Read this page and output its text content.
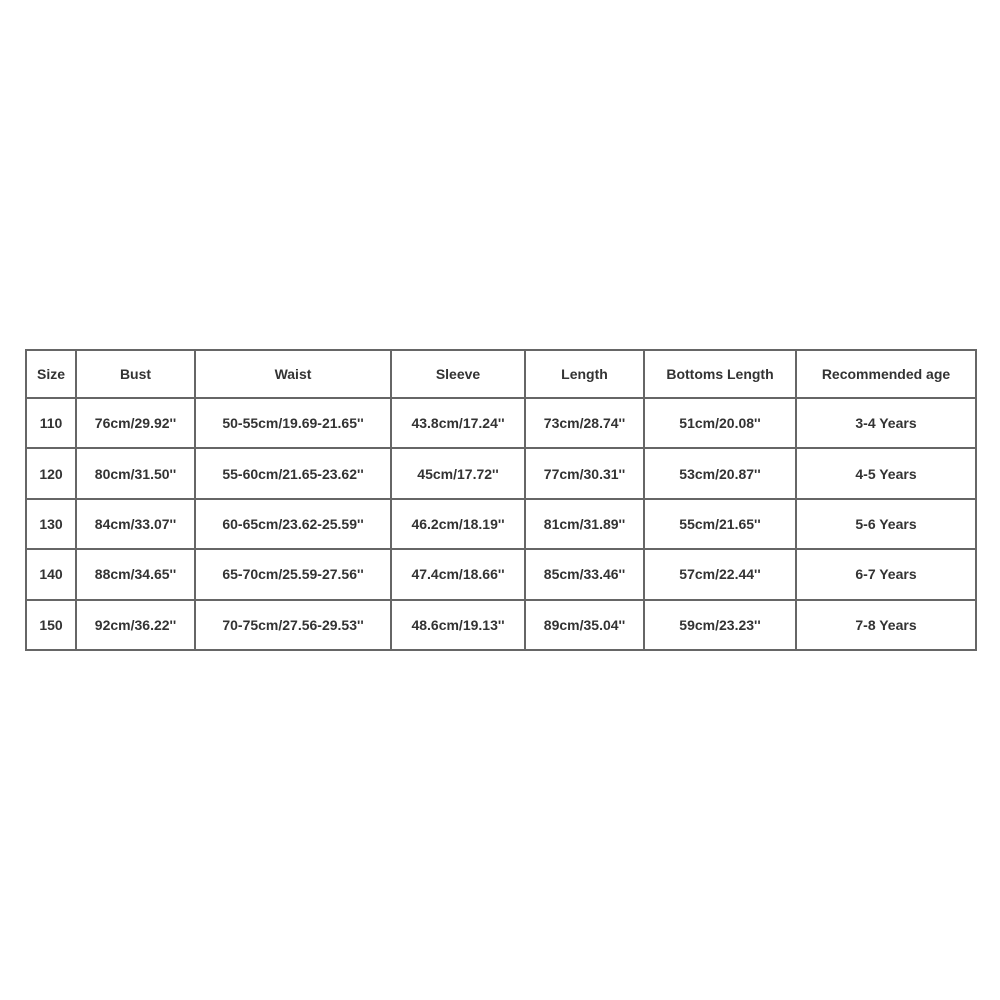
Size	Bust	Waist	Sleeve	Length	Bottoms Length	Recommended age
110	76cm/29.92''	50-55cm/19.69-21.65''	43.8cm/17.24''	73cm/28.74''	51cm/20.08''	3-4 Years
120	80cm/31.50''	55-60cm/21.65-23.62''	45cm/17.72''	77cm/30.31''	53cm/20.87''	4-5 Years
130	84cm/33.07''	60-65cm/23.62-25.59''	46.2cm/18.19''	81cm/31.89''	55cm/21.65''	5-6 Years
140	88cm/34.65''	65-70cm/25.59-27.56''	47.4cm/18.66''	85cm/33.46''	57cm/22.44''	6-7 Years
150	92cm/36.22''	70-75cm/27.56-29.53''	48.6cm/19.13''	89cm/35.04''	59cm/23.23''	7-8 Years
